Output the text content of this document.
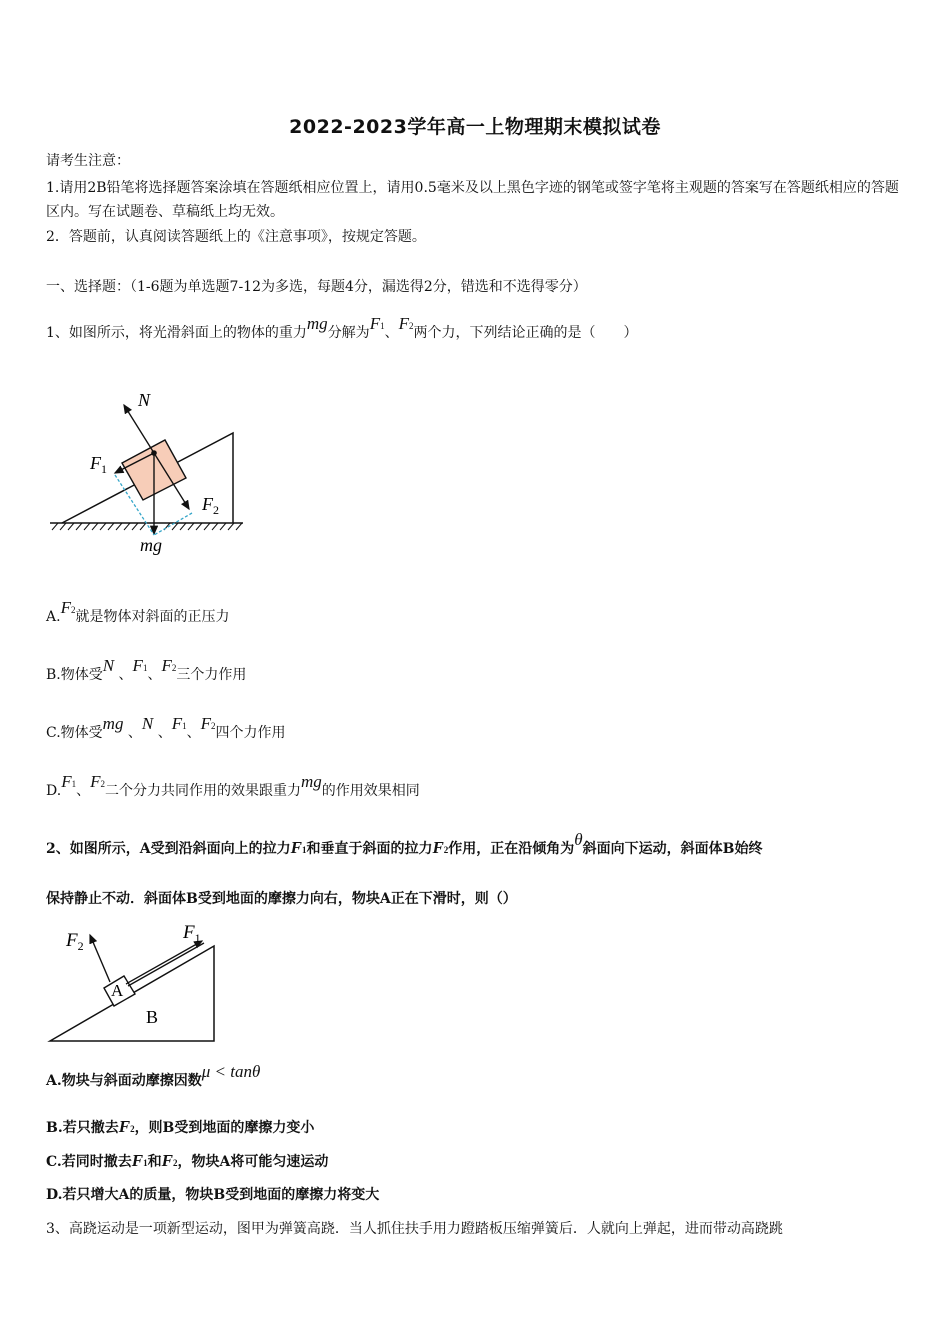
2022-2023学年高一上物理期末模拟试卷
请考生注意：
1.请用2B铅笔将选择题答案涂填在答题纸相应位置上，请用0.5毫米及以上黑色字迹的钢笔或签字笔将主观题的答案写在答题纸相应的答题区内。写在试题卷、草稿纸上均无效。
2．答题前，认真阅读答题纸上的《注意事项》，按规定答题。
一、选择题：（1-6题为单选题7-12为多选，每题4分，漏选得2分，错选和不选得零分）
1、如图所示，将光滑斜面上的物体的重力mg分解为F1、F2两个力，下列结论正确的是（　　）
N
$F_1$
$F_2$
mg
A.F2就是物体对斜面的正压力
B.物体受N 、F1、F2三个力作用
C.物体受mg 、N 、F1、F2四个力作用
D.F1、F2二个分力共同作用的效果跟重力mg的作用效果相同
2、如图所示，A受到沿斜面向上的拉力F1和垂直于斜面的拉力F2作用，正在沿倾角为θ斜面向下运动，斜面体B始终
保持静止不动．斜面体B受到地面的摩擦力向右，物块A正在下滑时，则（）
$F_2$
$F_1$
A
B
A.物块与斜面动摩擦因数μ < tanθ
B.若只撤去F2，则B受到地面的摩擦力变小
C.若同时撤去F1和F2，物块A将可能匀速运动
D.若只增大A的质量，物块B受到地面的摩擦力将变大
3、高跷运动是一项新型运动，图甲为弹簧高跷．当人抓住扶手用力蹬踏板压缩弹簧后．人就向上弹起，进而带动高跷跳
